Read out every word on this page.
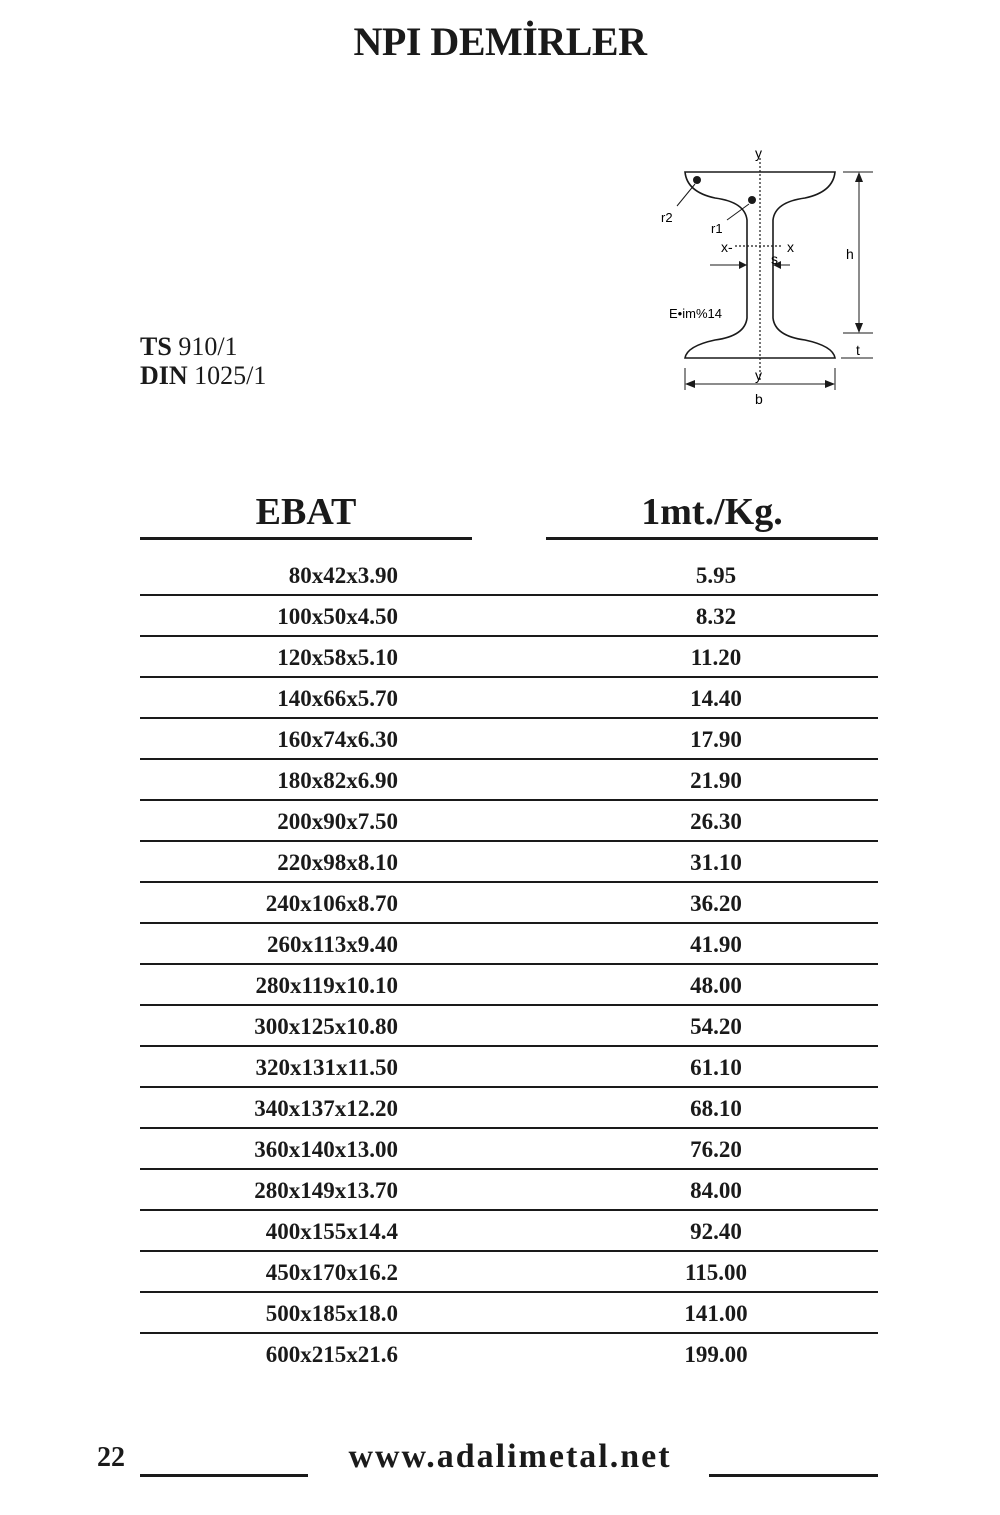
NPI DEMİRLER
TS 910/1
DIN 1025/1
y
r2
r1
x-	x
s	h
E•im%14
t
y
b
EBAT	1mt./Kg.
80x42x3.90	5.95
100x50x4.50	8.32
120x58x5.10	11.20
140x66x5.70	14.40
160x74x6.30	17.90
180x82x6.90	21.90
200x90x7.50	26.30
220x98x8.10	31.10
240x106x8.70	36.20
260x113x9.40	41.90
280x119x10.10	48.00
300x125x10.80	54.20
320x131x11.50	61.10
340x137x12.20	68.10
360x140x13.00	76.20
280x149x13.70	84.00
400x155x14.4	92.40
450x170x16.2	115.00
500x185x18.0	141.00
600x215x21.6	199.00
22	www.adalimetal.net
